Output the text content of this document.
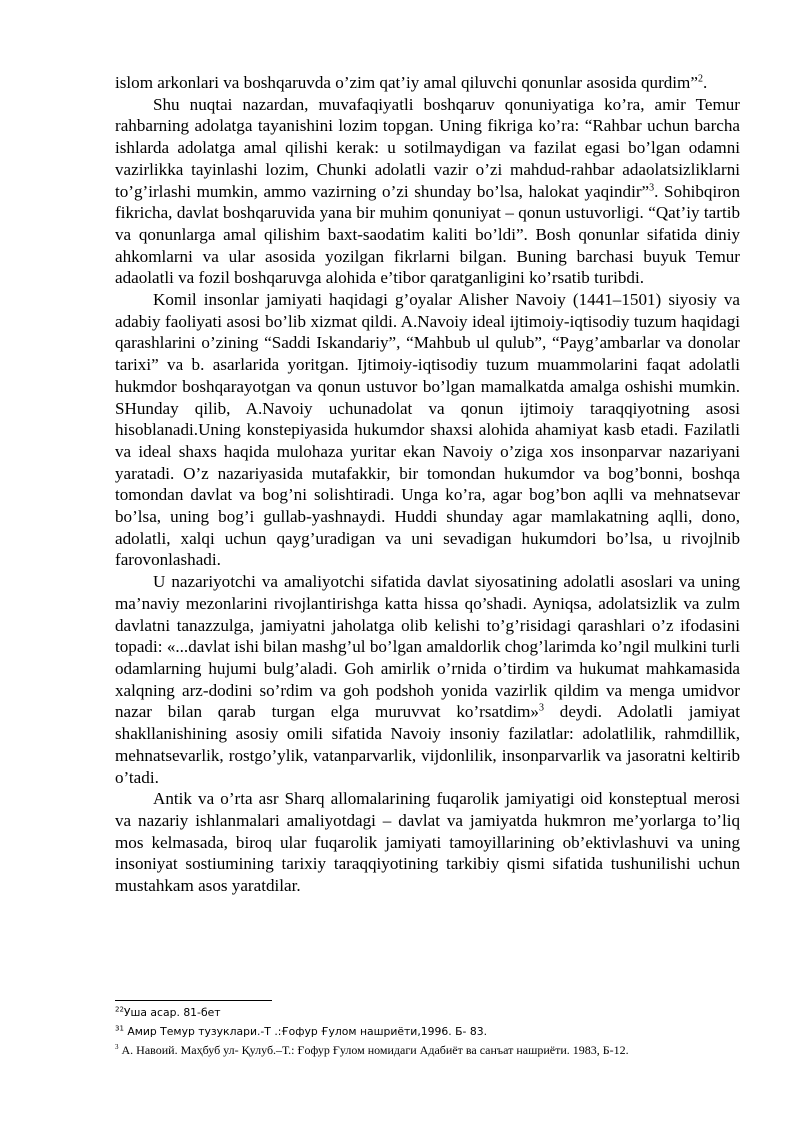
islom arkonlari va boshqaruvda o’zim qat’iy amal qiluvchi qonunlar asosida qurdim”$^2$.

Shu nuqtai nazardan, muvafaqiyatli boshqaruv qonuniyatiga ko’ra, amir Temur rahbarning adolatga tayanishini lozim topgan. Uning fikriga ko’ra: “Rahbar uchun barcha ishlarda adolatga amal qilishi kerak: u sotilmaydigan va fazilat egasi bo’lgan odamni vazirlikka tayinlashi lozim, Chunki adolatli vazir o’zi mahdud-rahbar adaolatsizliklarni to’g’irlashi mumkin, ammo vazirning o’zi shunday bo’lsa, halokat yaqindir”$^3$. Sohibqiron fikricha, davlat boshqaruvida yana bir muhim qonuniyat – qonun ustuvorligi. “Qat’iy tartib va qonunlarga amal qilishim baxt-saodatim kaliti bo’ldi”. Bosh qonunlar sifatida diniy ahkomlarni va ular asosida yozilgan fikrlarni bilgan. Buning barchasi buyuk Temur adaolatli va fozil boshqaruvga alohida e’tibor qaratganligini ko’rsatib turibdi.

Komil insonlar jamiyati haqidagi g’oyalar Alisher Navoiy (1441–1501) siyosiy va adabiy faoliyati asosi bo’lib xizmat qildi. A.Navoiy ideal ijtimoiy-iqtisodiy tuzum haqidagi qarashlarini o’zining “Saddi Iskandariy”, “Mahbub ul qulub”, “Payg’ambarlar va donolar tarixi” va b. asarlarida yoritgan. Ijtimoiy-iqtisodiy tuzum muammolarini faqat adolatli hukmdor boshqarayotgan va qonun ustuvor bo’lgan mamalkatda amalga oshishi mumkin. SHunday qilib, A.Navoiy uchunadolat va qonun ijtimoiy taraqqiyotning asosi hisoblanadi.Uning konstepiyasida hukumdor shaxsi alohida ahamiyat kasb etadi. Fazilatli va ideal shaxs haqida mulohaza yuritar ekan Navoiy o’ziga xos insonparvar nazariyani yaratadi. O’z nazariyasida mutafakkir, bir tomondan hukumdor va bog’bonni, boshqa tomondan davlat va bog’ni solishtiradi. Unga ko’ra, agar bog’bon aqlli va mehnatsevar bo’lsa, uning bog’i gullab-yashnaydi. Huddi shunday agar mamlakatning aqlli, dono, adolatli, xalqi uchun qayg’uradigan va uni sevadigan hukumdori bo’lsa, u rivojlnib farovonlashadi.

U nazariyotchi va amaliyotchi sifatida davlat siyosatining adolatli asoslari va uning ma’naviy mezonlarini rivojlantirishga katta hissa qo’shadi. Ayniqsa, adolatsizlik va zulm davlatni tanazzulga, jamiyatni jaholatga olib kelishi to’g’risidagi qarashlari o’z ifodasini topadi: «...davlat ishi bilan mashg’ul bo’lgan amaldorlik chog’larimda ko’ngil mulkini turli odamlarning hujumi bulg’aladi. Goh amirlik o’rnida o’tirdim va hukumat mahkamasida xalqning arz-dodini so’rdim va goh podshoh yonida vazirlik qildim va menga umidvor nazar bilan qarab turgan elga muruvvat ko’rsatdim»$^3$ deydi. Adolatli jamiyat shakllanishining asosiy omili sifatida Navoiy insoniy fazilatlar: adolatlilik, rahmdillik, mehnatsevarlik, rostgo’ylik, vatanparvarlik, vijdonlilik, insonparvarlik va jasoratni keltirib o’tadi.

Antik va o’rta asr Sharq allomalarining fuqarolik jamiyatigi oid konsteptual merosi va nazariy ishlanmalari amaliyotdagi – davlat va jamiyatda hukmron me’yorlarga to’liq mos kelmasada, biroq ular fuqarolik jamiyati tamoyillarining ob’ektivlashuvi va uning insoniyat sostiumining tarixiy taraqqiyotining tarkibiy qismi sifatida tushunilishi uchun mustahkam asos yaratdilar.

$^{22}$Уша асар. 81-бет

$^{31}$ Амир Темур тузуклари.-Т .:Ғофур Ғулом нашриёти,1996. Б- 83.

$^3$ А. Навоий. Маҳбуб ул- Қулуб.–Т.: Ғофур Ғулом номидаги Адабиёт ва санъат нашриёти. 1983, Б-12.
